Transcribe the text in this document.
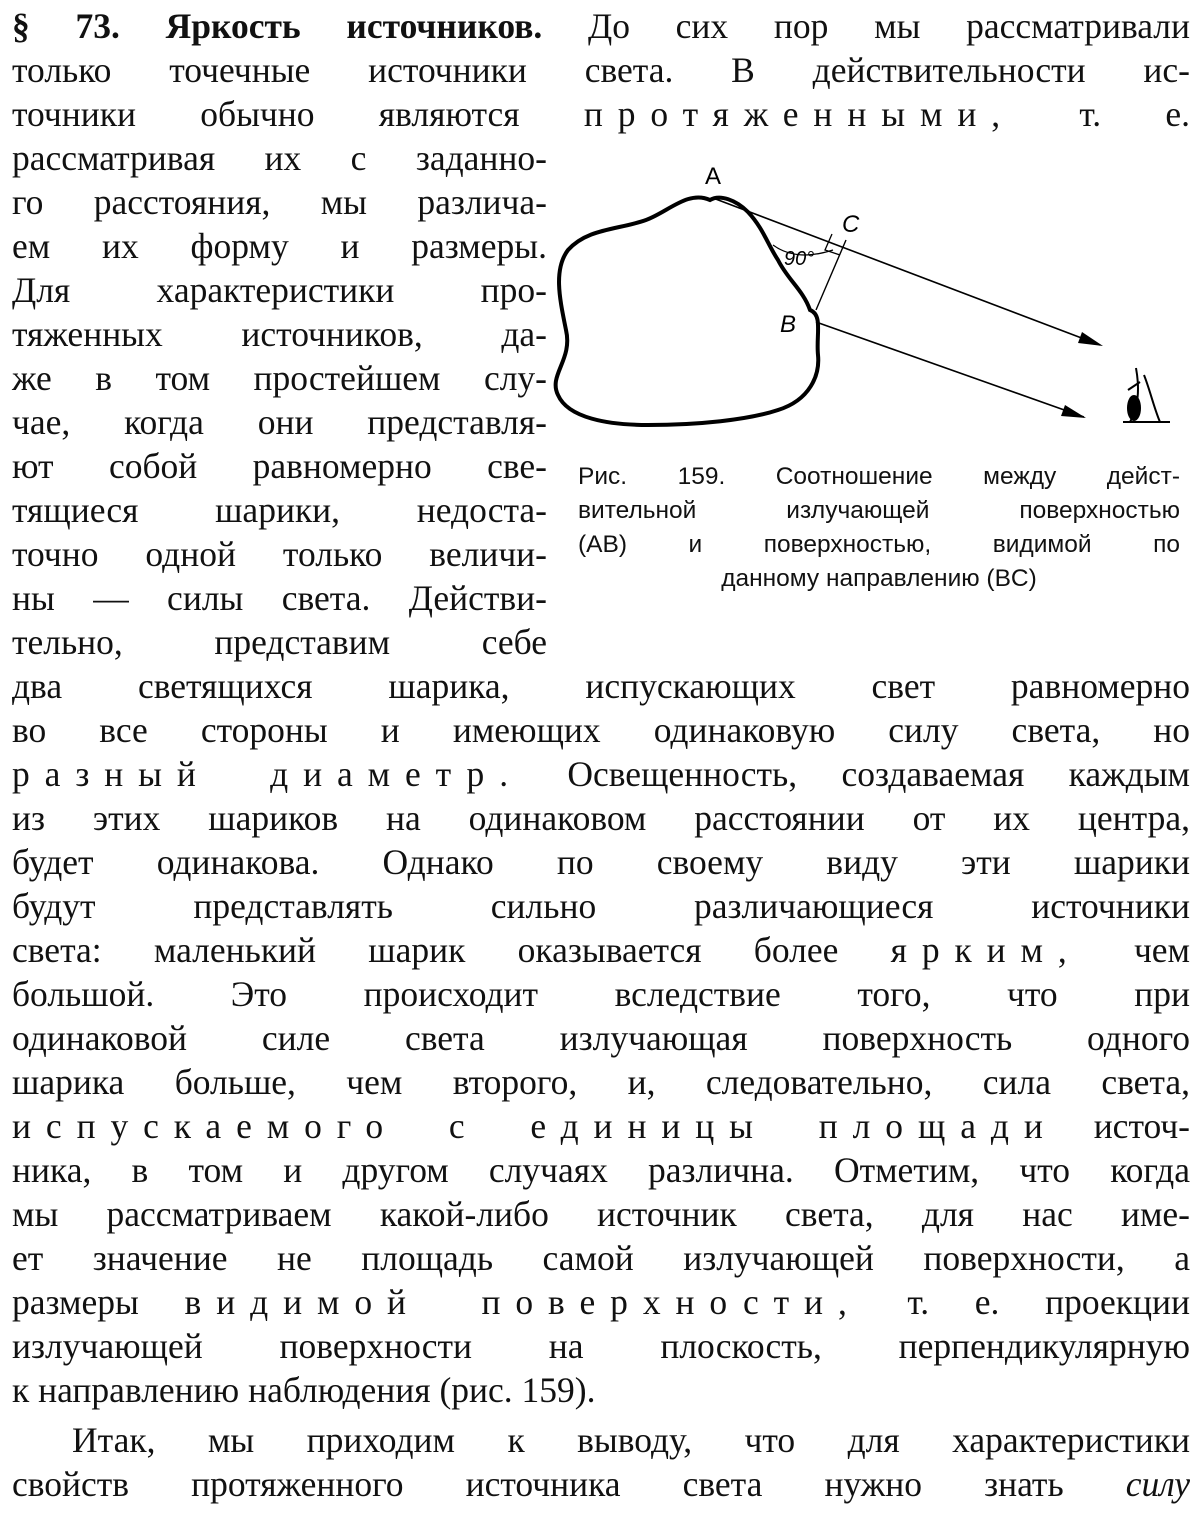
§ 73. Яркость источников. До сих пор мы рассматривали
только точечные источники света. В действительности ис-
точники обычно являются протяженными, т. е.
рассматривая их с заданно-
го расстояния, мы различа-
ем их форму и размеры.
Для характеристики про-
тяженных источников, да-
же в том простейшем слу-
чае, когда они представля-
ют собой равномерно све-
тящиеся шарики, недоста-
точно одной только величи-
ны — силы света. Действи-
тельно, представим себе
A
C
B
90°
Рис. 159. Соотношение между дейст-
вительной излучающей поверхностью
(AB) и поверхностью, видимой по
данному направлению (BC)
два светящихся шарика, испускающих свет равномерно
во все стороны и имеющих одинаковую силу света, но
разный диаметр. Освещенность, создаваемая каждым
из этих шариков на одинаковом расстоянии от их центра,
будет одинакова. Однако по своему виду эти шарики
будут представлять сильно различающиеся источники
света: маленький шарик оказывается более ярким, чем
большой. Это происходит вследствие того, что при
одинаковой силе света излучающая поверхность одного
шарика больше, чем второго, и, следовательно, сила света,
испускаемого с единицы площади источ-
ника, в том и другом случаях различна. Отметим, что когда
мы рассматриваем какой-либо источник света, для нас име-
ет значение не площадь самой излучающей поверхности, а
размеры видимой поверхности, т. е. проекции
излучающей поверхности на плоскость, перпендикулярную
к направлению наблюдения (рис. 159).
Итак, мы приходим к выводу, что для характеристики
свойств протяженного источника света нужно знать силу
